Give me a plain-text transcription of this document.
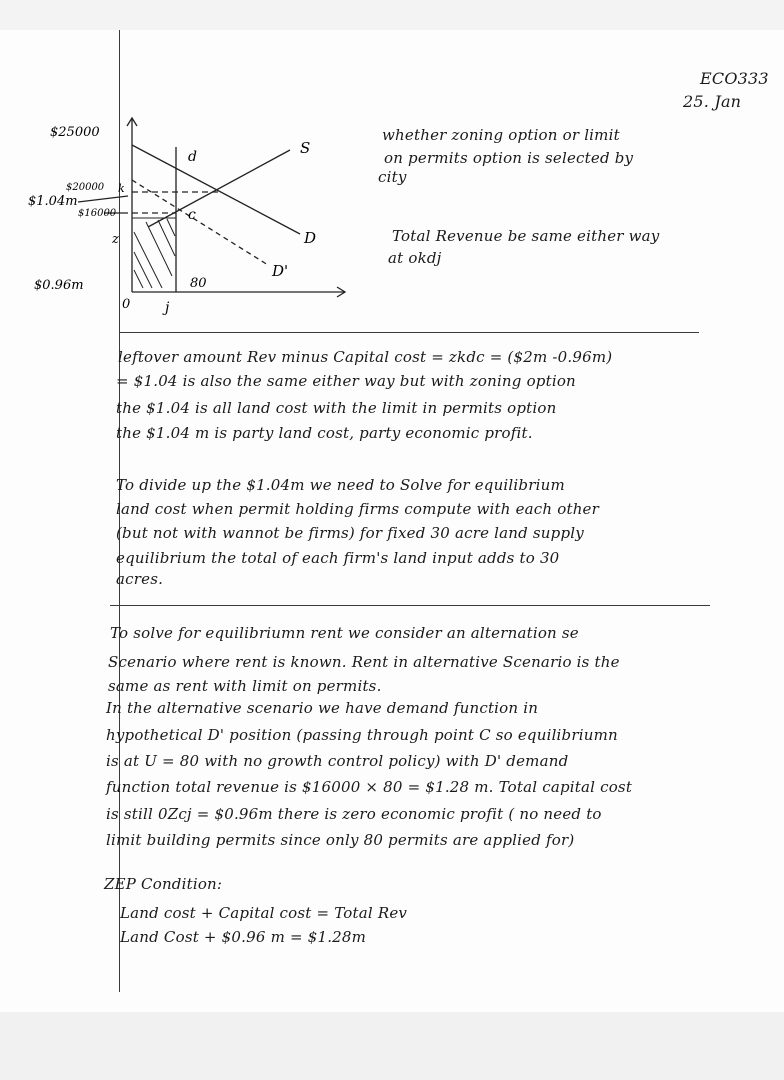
ECO333
25. Jan
$25000
$20000
$1.04m
$16000
z
$0.96m
0 j
80
d
c
k
S
D
D'
whether zoning option or limit
on permits option is selected by
city
Total Revenue be same either way
at okdj
leftover amount Rev minus Capital cost = zkdc = ($2m -0.96m)
= $1.04 is also the same either way but with zoning option
the $1.04 is all land cost with the limit in permits option
the $1.04 m is party land cost, party economic profit.
To divide up the $1.04m we need to Solve for equilibrium
land cost when permit holding firms compute with each other
(but not with wannot be firms) for fixed 30 acre land supply
equilibrium the total of each firm's land input adds to 30
acres.
To solve for equilibriumn rent we consider an alternation se
Scenario where rent is known. Rent in alternative Scenario is the
same as rent with limit on permits.
In the alternative scenario we have demand function in
hypothetical D' position (passing through point C so equilibriumn
is at U = 80 with no growth control policy) with D' demand
function total revenue is $16000 × 80 = $1.28 m. Total capital cost
is still 0Zcj = $0.96m there is zero economic profit ( no need to
limit building permits since only 80 permits are applied for)
ZEP Condition:
Land cost + Capital cost = Total Rev
Land Cost + $0.96 m = $1.28m
